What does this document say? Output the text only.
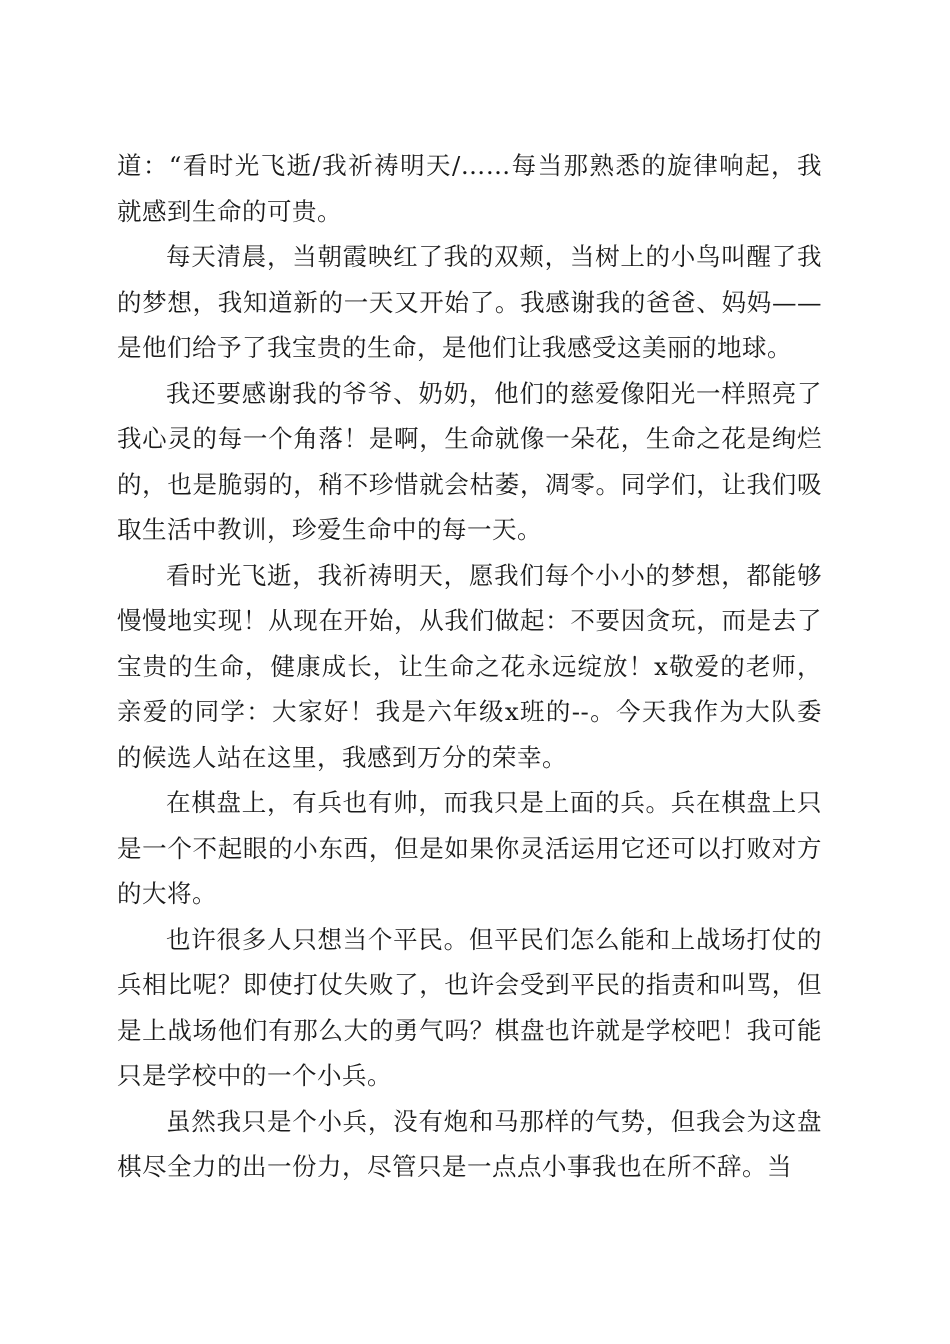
道：“看时光飞逝/我祈祷明天/……每当那熟悉的旋律响起，我就感到生命的可贵。

每天清晨，当朝霞映红了我的双颊，当树上的小鸟叫醒了我的梦想，我知道新的一天又开始了。我感谢我的爸爸、妈妈——是他们给予了我宝贵的生命，是他们让我感受这美丽的地球。

我还要感谢我的爷爷、奶奶，他们的慈爱像阳光一样照亮了我心灵的每一个角落！是啊，生命就像一朵花，生命之花是绚烂的，也是脆弱的，稍不珍惜就会枯萎，凋零。同学们，让我们吸取生活中教训，珍爱生命中的每一天。

看时光飞逝，我祈祷明天，愿我们每个小小的梦想，都能够慢慢地实现！从现在开始，从我们做起：不要因贪玩，而是去了宝贵的生命，健康成长，让生命之花永远绽放！x敬爱的老师，亲爱的同学：大家好！我是六年级x班的--。今天我作为大队委的候选人站在这里，我感到万分的荣幸。

在棋盘上，有兵也有帅，而我只是上面的兵。兵在棋盘上只是一个不起眼的小东西，但是如果你灵活运用它还可以打败对方的大将。

也许很多人只想当个平民。但平民们怎么能和上战场打仗的兵相比呢？即使打仗失败了，也许会受到平民的指责和叫骂，但是上战场他们有那么大的勇气吗？棋盘也许就是学校吧！我可能只是学校中的一个小兵。

虽然我只是个小兵，没有炮和马那样的气势，但我会为这盘棋尽全力的出一份力，尽管只是一点点小事我也在所不辞。当
